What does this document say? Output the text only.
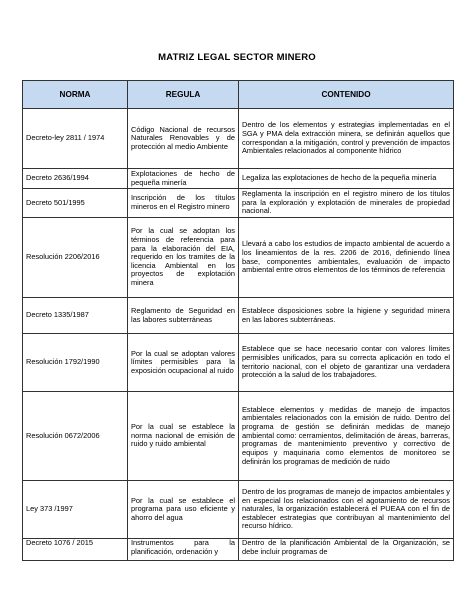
MATRIZ LEGAL SECTOR MINERO
NORMA	REGULA	CONTENIDO
Decreto-ley 2811 / 1974	Código Nacional de recursos Naturales Renovables y de protección al medio Ambiente	Dentro de los elementos y estrategias implementadas en el SGA y PMA dela extracción minera, se definirán aquellos que correspondan a la mitigación, control y prevención de impactos Ambientales relacionados al componente hídrico
Decreto 2636/1994	Explotaciones de hecho de pequeña minería	Legaliza las explotaciones de hecho de la pequeña minería
Decreto 501/1995	Inscripción de los títulos mineros en el Registro minero	Reglamenta la inscripción en el registro minero de los títulos para la exploración y explotación de minerales de propiedad nacional.
Resolución 2206/2016	Por la cual se adoptan los términos de referencia para para la elaboración del EIA, requerido en los tramites de la licencia Ambiental en los proyectos de explotación minera	Llevará a cabo los estudios de impacto ambiental de acuerdo a los lineamientos de la res. 2206 de 2016, definiendo línea base, componentes ambientales, evaluación de impacto ambiental entre otros elementos de los términos de referencia
Decreto 1335/1987	Reglamento de Seguridad en las labores subterráneas	Establece disposiciones sobre la higiene y seguridad minera en las labores subterráneas.
Resolución 1792/1990	Por la cual se adoptan valores límites permisibles para la exposición ocupacional al ruido	Establece que se hace necesario contar con valores límites permisibles unificados, para su correcta aplicación en todo el territorio nacional, con el objeto de garantizar una verdadera protección a la salud de los trabajadores.
Resolución 0672/2006	Por la cual se establece la norma nacional de emisión de ruido y ruido ambiental	Establece elementos y medidas de manejo de impactos ambientales relacionados con la emisión de ruido. Dentro del programa de gestión se definirán medidas de manejo ambiental como: cerramientos, delimitación de áreas, barreras, programas de mantenimiento preventivo y correctivo de equipos y maquinaria como elementos de monitoreo se definirán los programas de medición de ruido
Ley 373 /1997	Por la cual se establece el programa para uso eficiente y ahorro del agua	Dentro de los programas de manejo de impactos ambientales y en especial los relacionados con el agotamiento de recursos naturales, la organización establecerá el PUEAA con el fin de establecer estrategias que contribuyan al mantenimiento del recurso hídrico.
Decreto 1076 / 2015	Instrumentos para la planificación, ordenación y	Dentro de la planificación Ambiental de la Organización, se debe incluir programas de
